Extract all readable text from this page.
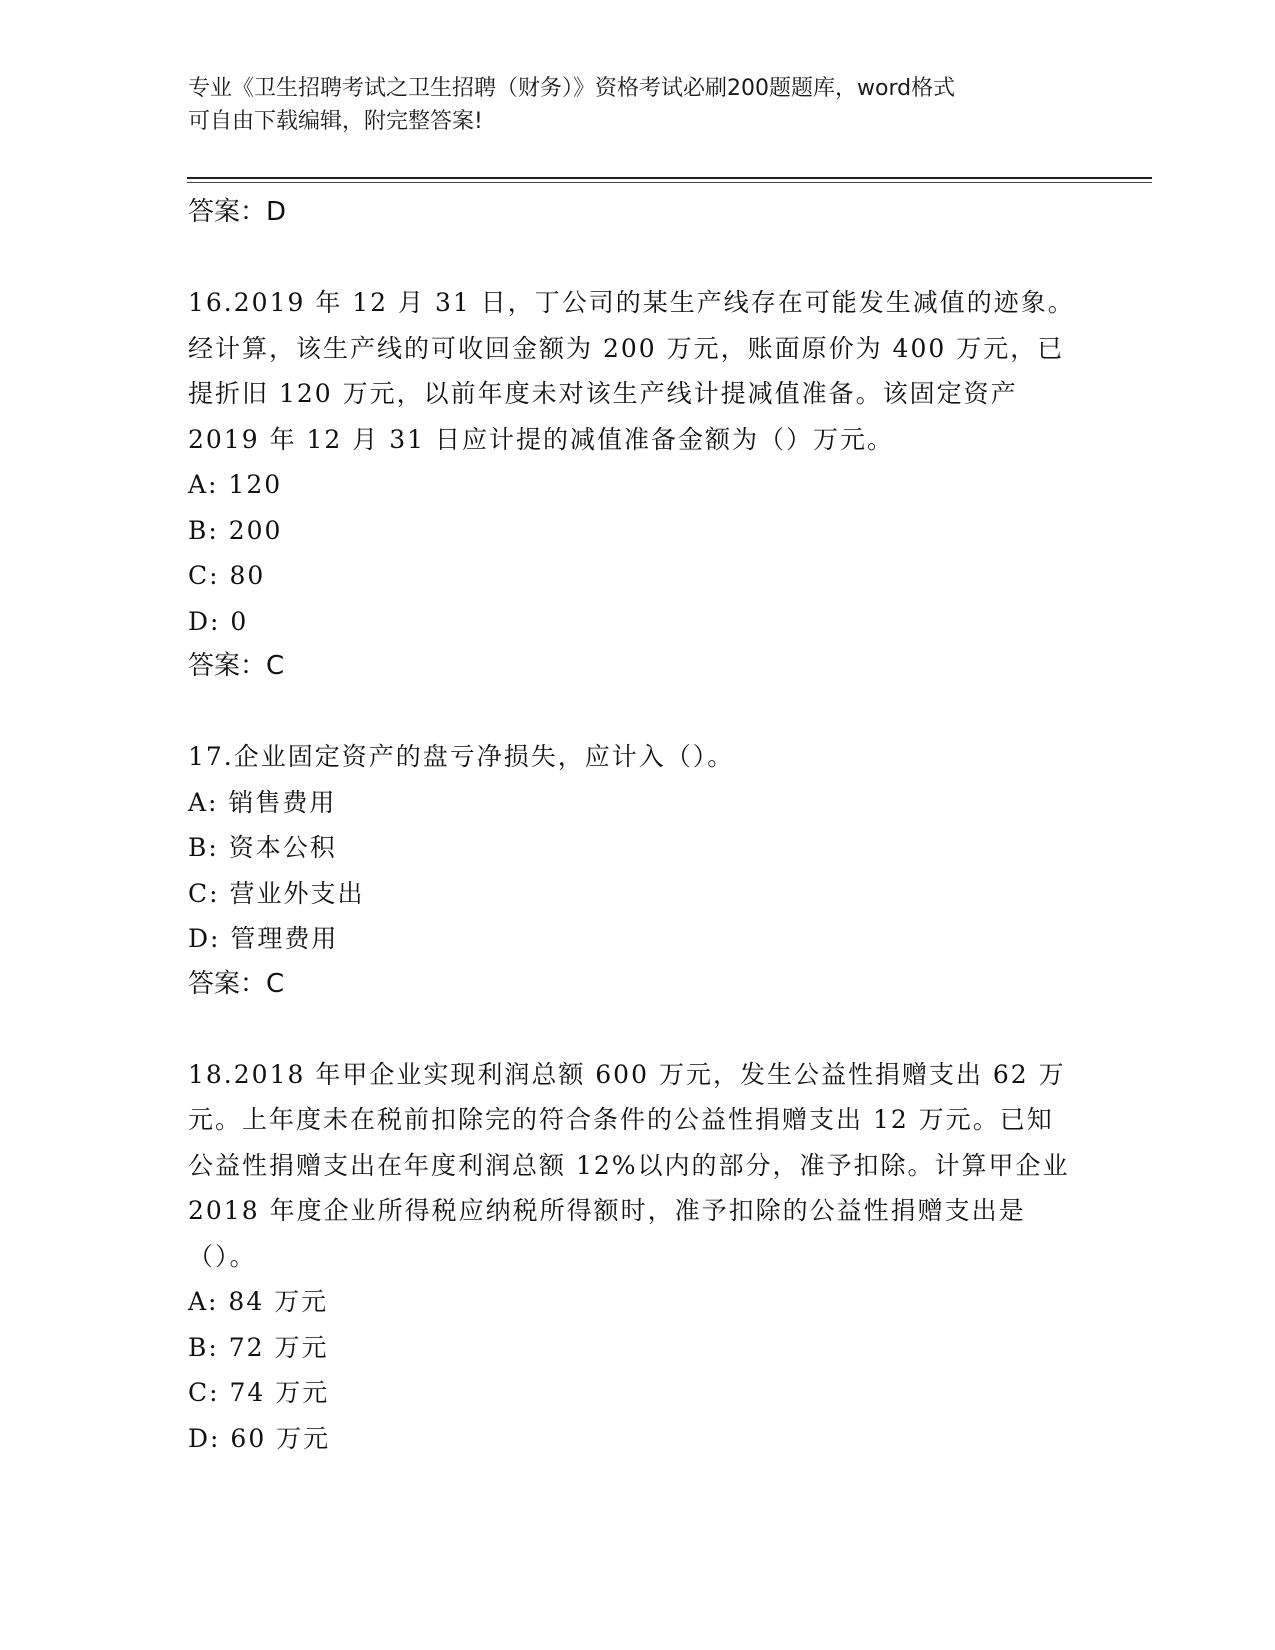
专业《卫生招聘考试之卫生招聘（财务）》资格考试必刷200题题库，word格式
可自由下载编辑，附完整答案!
答案：D
16.2019 年 12 月 31 日，丁公司的某生产线存在可能发生减值的迹象。经计算，该生产线的可收回金额为 200 万元，账面原价为 400 万元，已提折旧 120 万元，以前年度未对该生产线计提减值准备。该固定资产 2019 年 12 月 31 日应计提的减值准备金额为（）万元。
A: 120
B: 200
C: 80
D: 0
答案：C
17.企业固定资产的盘亏净损失，应计入（）。
A: 销售费用
B: 资本公积
C: 营业外支出
D: 管理费用
答案：C
18.2018 年甲企业实现利润总额 600 万元，发生公益性捐赠支出 62 万元。上年度未在税前扣除完的符合条件的公益性捐赠支出 12 万元。已知公益性捐赠支出在年度利润总额 12%以内的部分，准予扣除。计算甲企业 2018 年度企业所得税应纳税所得额时，准予扣除的公益性捐赠支出是（）。
A: 84 万元
B: 72 万元
C: 74 万元
D: 60 万元
